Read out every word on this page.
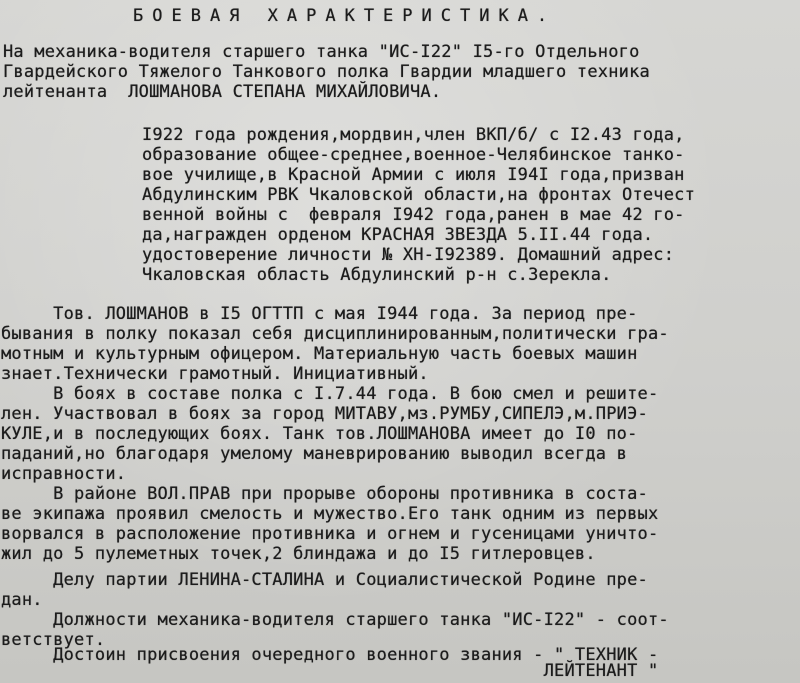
БОЕВАЯ ХАРАКТЕРИСТИКА.
На механика-водителя старшего танка "ИС-I22" I5-го Отдельного
Гвардейского Тяжелого Танкового полка Гвардии младшего техника
лейтенанта  ЛОШМАНОВА СТЕПАНА МИХАЙЛОВИЧА.
I922 года рождения,мордвин,член ВКП/б/ с I2.43 года,
образование общее-среднее,военное-Челябинское танко-
вое училище,в Красной Армии с июля I94I года,призван
Абдулинским РВК Чкаловской области,на фронтах Отечест
венной войны с  февраля I942 года,ранен в мае 42 го-
да,награжден орденом КРАСНАЯ ЗВЕЗДА 5.II.44 года.
удостоверение личности № ХН-I92389. Домашний адрес:
Чкаловская область Абдулинский р-н с.Зерекла.
Тов. ЛОШМАНОВ в I5 ОГТТП с мая I944 года. За период пре-
бывания в полку показал себя дисциплинированным,политически гра-
мотным и культурным офицером. Материальную часть боевых машин
знает.Технически грамотный. Инициативный.
В боях в составе полка с I.7.44 года. В бою смел и решите-
лен. Участвовал в боях за город МИТАВУ,мз.РУМБУ,СИПЕЛЭ,м.ПРИЭ-
КУЛЕ,и в последующих боях. Танк тов.ЛОШМАНОВА имеет до I0 по-
паданий,но благодаря умелому маневрированию выводил всегда в
исправности.
В районе ВОЛ.ПРАВ при прорыве обороны противника в соста-
ве экипажа проявил смелость и мужество.Его танк одним из первых
ворвался в расположение противника и огнем и гусеницами уничто-
жил до 5 пулеметных точек,2 блиндажа и до I5 гитлеровцев.
Делу партии ЛЕНИНА-СТАЛИНА и Социалистической Родине пре-
дан.
Должности механика-водителя старшего танка "ИС-I22" - соот-
ветствует.
Достоин присвоения очередного военного звания - " ТЕХНИК -
ЛЕЙТЕНАНТ "
